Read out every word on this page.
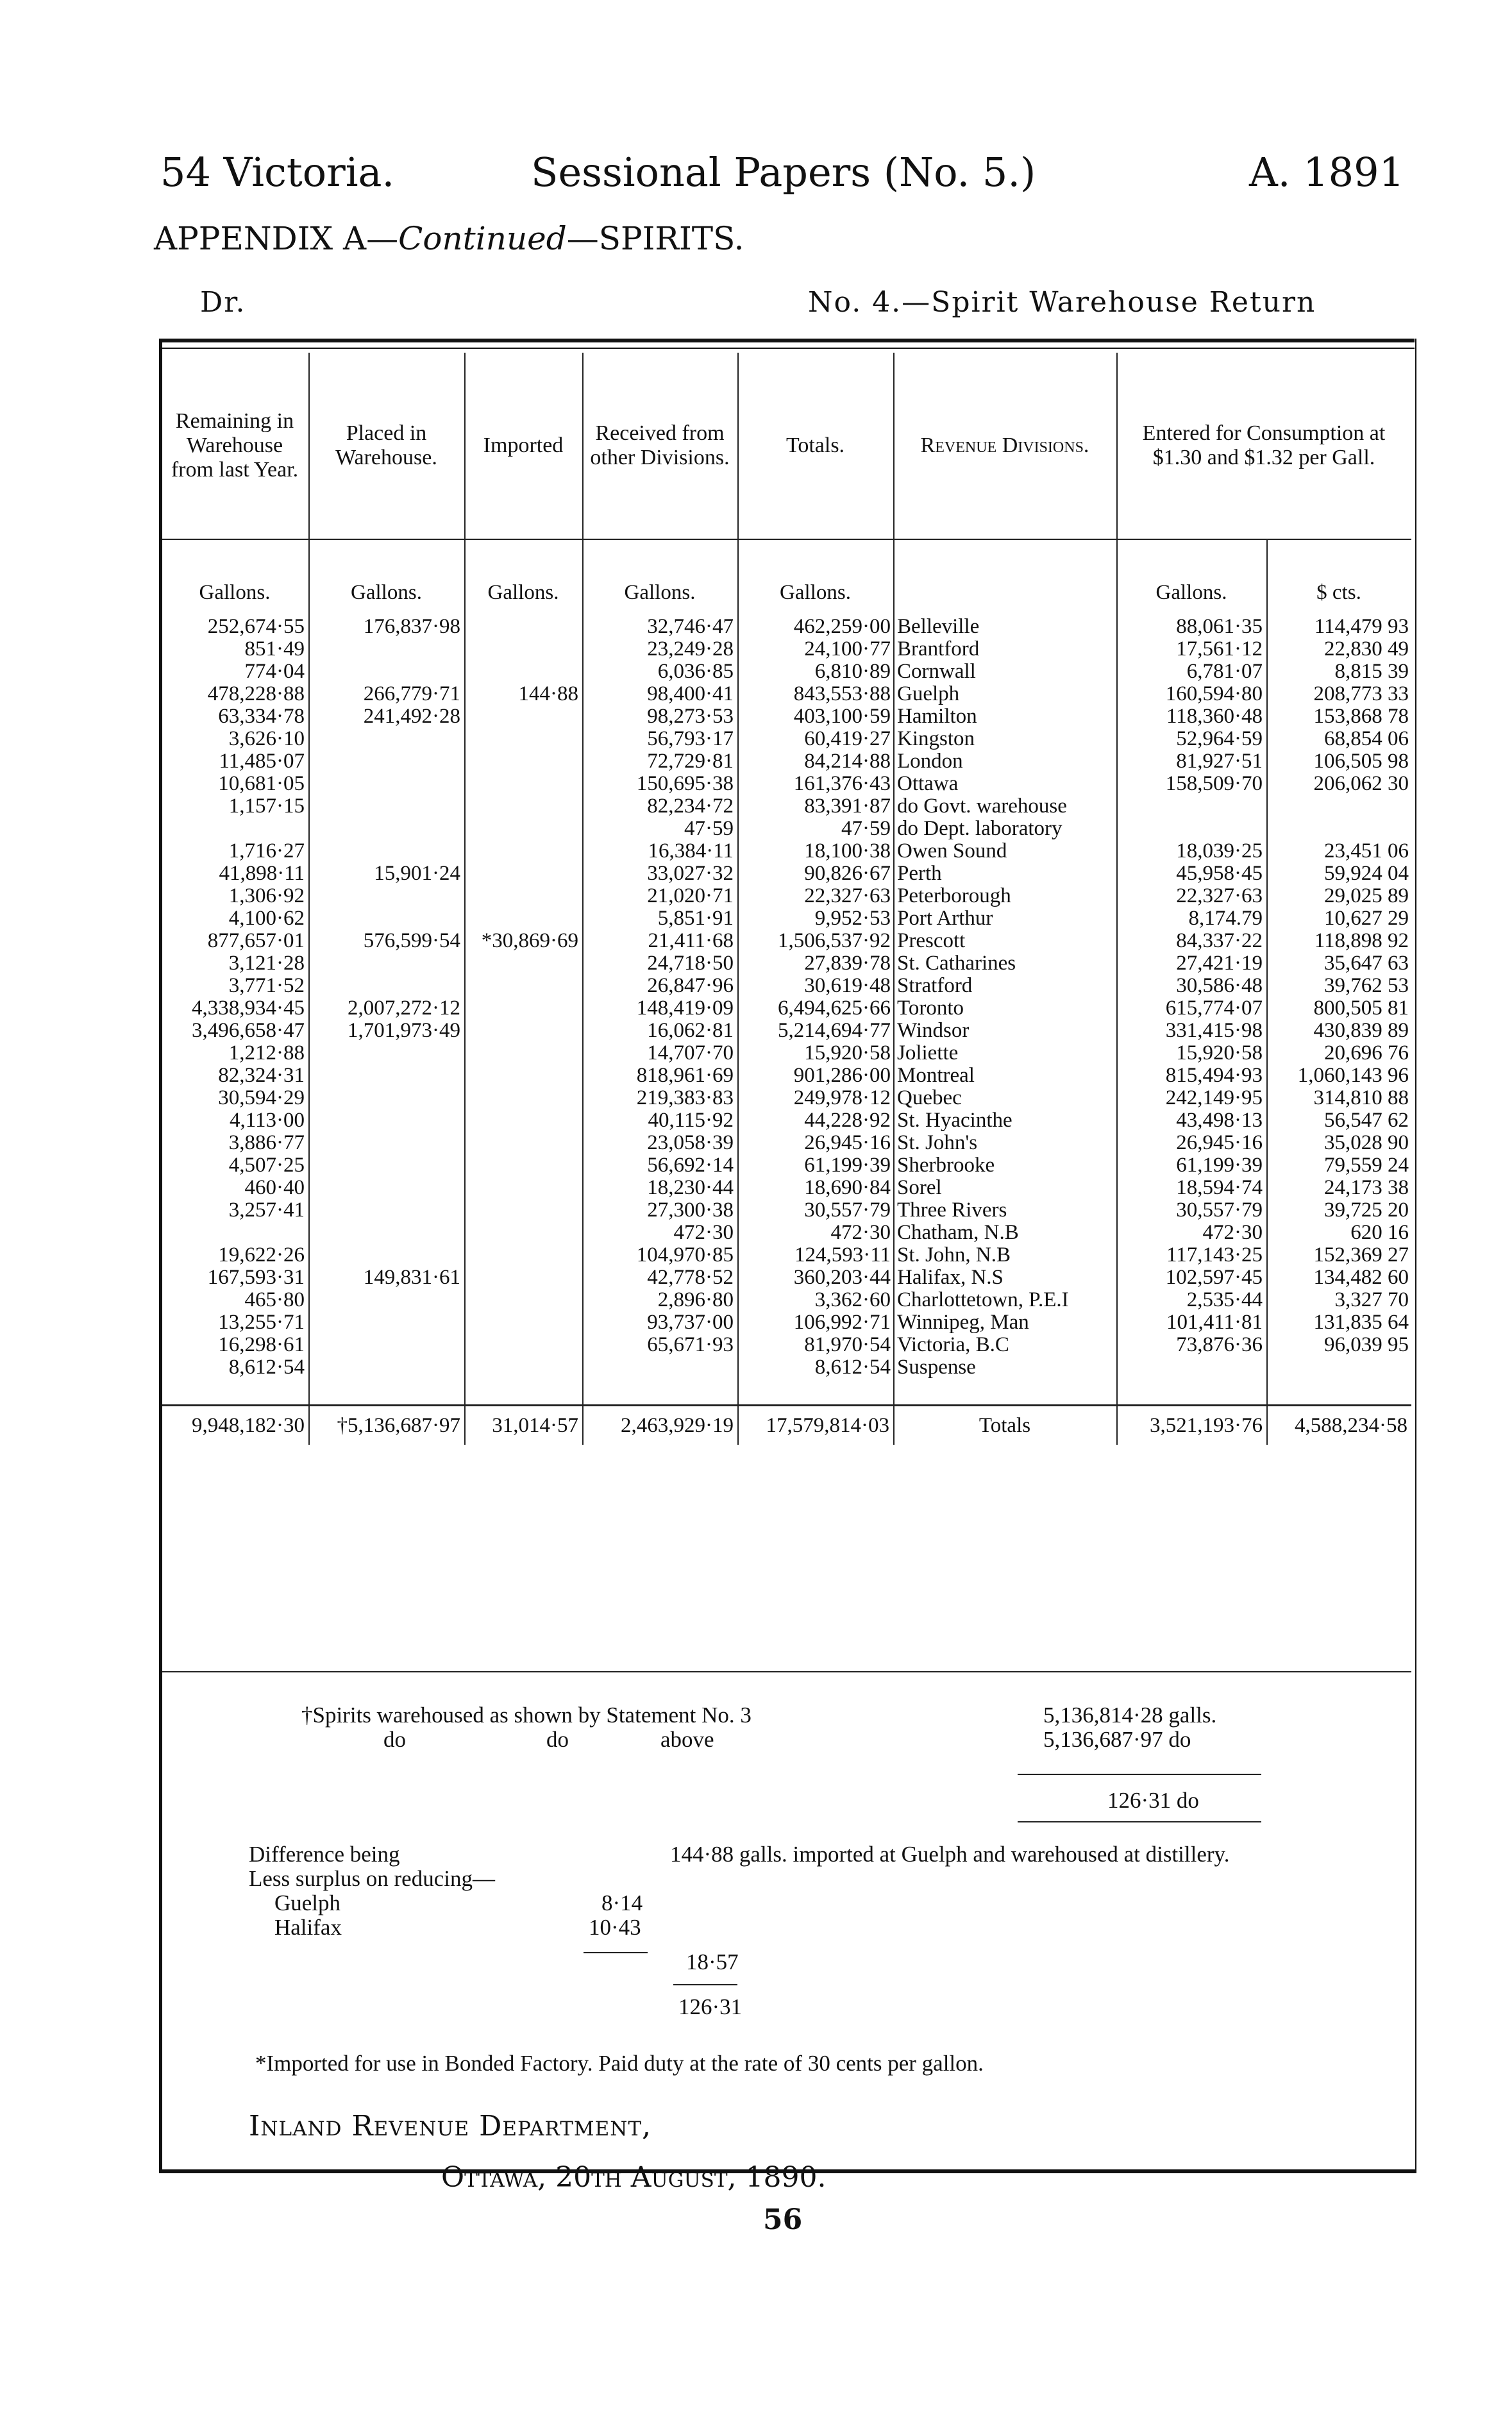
54 Victoria.	Sessional Papers (No. 5.)	A. 1891
APPENDIX A—Continued—SPIRITS.
Dr.	No. 4.—Spirit Warehouse Return
Remaining in Warehouse from last Year.	Placed in Warehouse.	Imported	Received from other Divisions.	Totals.	Revenue Divisions.	Entered for Consumption at $1.30 and $1.32 per Gall.	
Gallons.	Gallons.	Gallons.	Gallons.	Gallons.		Gallons.	$ cts.
252,674·55	176,837·98		32,746·47	462,259·00	Belleville	88,061·35	114,479 93
851·49			23,249·28	24,100·77	Brantford	17,561·12	22,830 49
774·04			6,036·85	6,810·89	Cornwall	6,781·07	8,815 39
478,228·88	266,779·71	144·88	98,400·41	843,553·88	Guelph	160,594·80	208,773 33
63,334·78	241,492·28		98,273·53	403,100·59	Hamilton	118,360·48	153,868 78
3,626·10			56,793·17	60,419·27	Kingston	52,964·59	68,854 06
11,485·07			72,729·81	84,214·88	London	81,927·51	106,505 98
10,681·05			150,695·38	161,376·43	Ottawa	158,509·70	206,062 30
1,157·15			82,234·72	83,391·87	do Govt. warehouse		
			47·59	47·59	do Dept. laboratory		
1,716·27			16,384·11	18,100·38	Owen Sound	18,039·25	23,451 06
41,898·11	15,901·24		33,027·32	90,826·67	Perth	45,958·45	59,924 04
1,306·92			21,020·71	22,327·63	Peterborough	22,327·63	29,025 89
4,100·62			5,851·91	9,952·53	Port Arthur	8,174.79	10,627 29
877,657·01	576,599·54	*30,869·69	21,411·68	1,506,537·92	Prescott	84,337·22	118,898 92
3,121·28			24,718·50	27,839·78	St. Catharines	27,421·19	35,647 63
3,771·52			26,847·96	30,619·48	Stratford	30,586·48	39,762 53
4,338,934·45	2,007,272·12		148,419·09	6,494,625·66	Toronto	615,774·07	800,505 81
3,496,658·47	1,701,973·49		16,062·81	5,214,694·77	Windsor	331,415·98	430,839 89
1,212·88			14,707·70	15,920·58	Joliette	15,920·58	20,696 76
82,324·31			818,961·69	901,286·00	Montreal	815,494·93	1,060,143 96
30,594·29			219,383·83	249,978·12	Quebec	242,149·95	314,810 88
4,113·00			40,115·92	44,228·92	St. Hyacinthe	43,498·13	56,547 62
3,886·77			23,058·39	26,945·16	St. John's	26,945·16	35,028 90
4,507·25			56,692·14	61,199·39	Sherbrooke	61,199·39	79,559 24
460·40			18,230·44	18,690·84	Sorel	18,594·74	24,173 38
3,257·41			27,300·38	30,557·79	Three Rivers	30,557·79	39,725 20
			472·30	472·30	Chatham, N.B	472·30	620 16
19,622·26			104,970·85	124,593·11	St. John, N.B	117,143·25	152,369 27
167,593·31	149,831·61		42,778·52	360,203·44	Halifax, N.S	102,597·45	134,482 60
465·80			2,896·80	3,362·60	Charlottetown, P.E.I	2,535·44	3,327 70
13,255·71			93,737·00	106,992·71	Winnipeg, Man	101,411·81	131,835 64
16,298·61			65,671·93	81,970·54	Victoria, B.C	73,876·36	96,039 95
8,612·54				8,612·54	Suspense		

9,948,182·30	†5,136,687·97	31,014·57	2,463,929·19	17,579,814·03	Totals	3,521,193·76	4,588,234·58
†Spirits warehoused as shown by Statement No. 3	5,136,814·28 galls.
do	do	above	5,136,687·97 do
126·31 do
Difference being	144·88 galls. imported at Guelph and warehoused at distillery.
Less surplus on reducing—
Guelph	8·14
Halifax	10·43
18·57
126·31
*Imported for use in Bonded Factory. Paid duty at the rate of 30 cents per gallon.
Inland Revenue Department,
Ottawa, 20th August, 1890.
56
